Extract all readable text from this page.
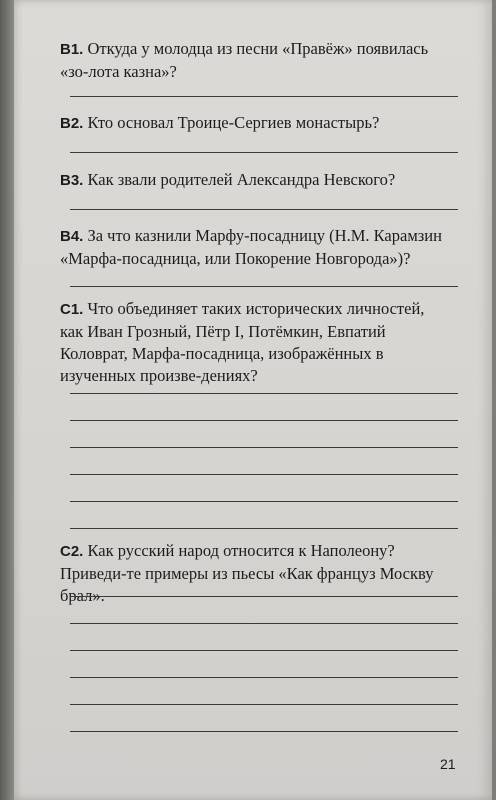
B1. Откуда у молодца из песни «Правёж» появилась «зо-лота казна»?
B2. Кто основал Троице-Сергиев монастырь?
B3. Как звали родителей Александра Невского?
B4. За что казнили Марфу-посадницу (Н.М. Карамзин «Марфа-посадница, или Покорение Новгорода»)?
C1. Что объединяет таких исторических личностей, как Иван Грозный, Пётр I, Потёмкин, Евпатий Коловрат, Марфа-посадница, изображённых в изученных произве-дениях?
C2. Как русский народ относится к Наполеону? Приведи-те примеры из пьесы «Как француз Москву брал».
21
